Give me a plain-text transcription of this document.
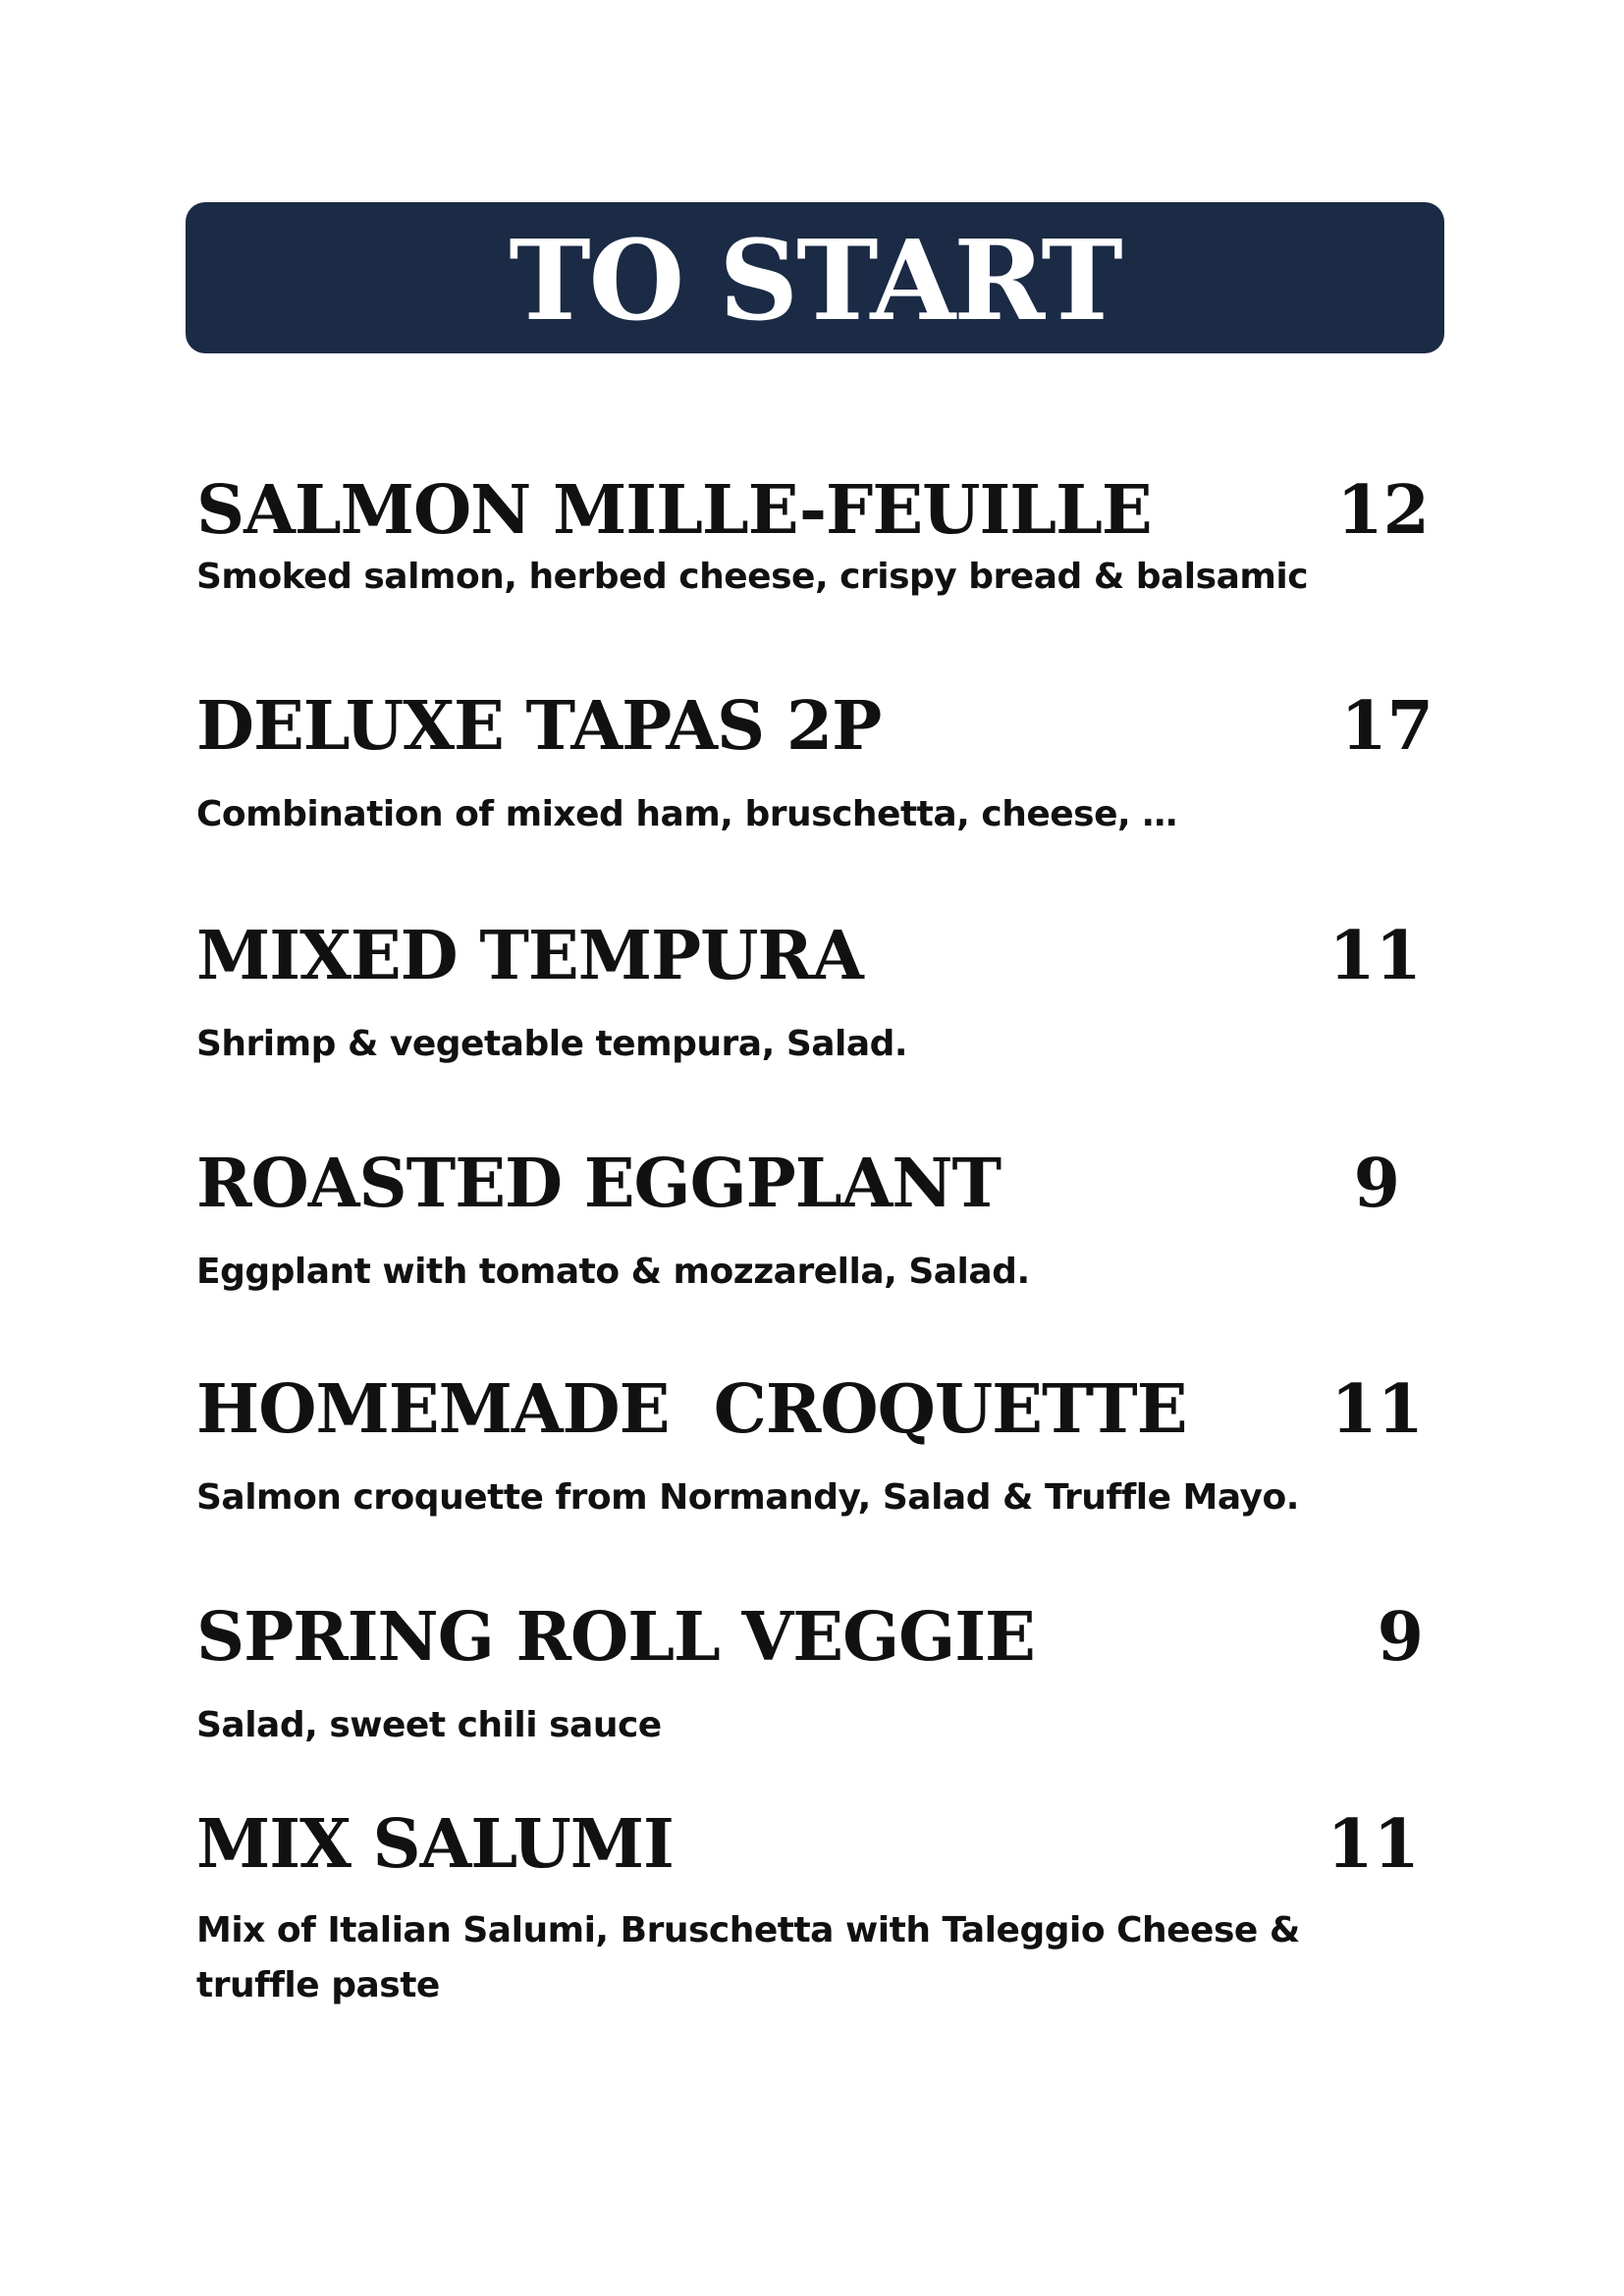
TO START
SALMON MILLE-FEUILLE	12
Smoked salmon, herbed cheese, crispy bread & balsamic
DELUXE TAPAS 2P	17
Combination of mixed ham, bruschetta, cheese, …
MIXED TEMPURA	11
Shrimp & vegetable tempura, Salad.
ROASTED EGGPLANT	9
Eggplant with tomato & mozzarella, Salad.
HOMEMADE  CROQUETTE 11
Salmon croquette from Normandy, Salad & Truffle Mayo.
SPRING ROLL VEGGIE	9
Salad, sweet chili sauce
MIX SALUMI	11
Mix of Italian Salumi, Bruschetta with Taleggio Cheese & truffle paste
